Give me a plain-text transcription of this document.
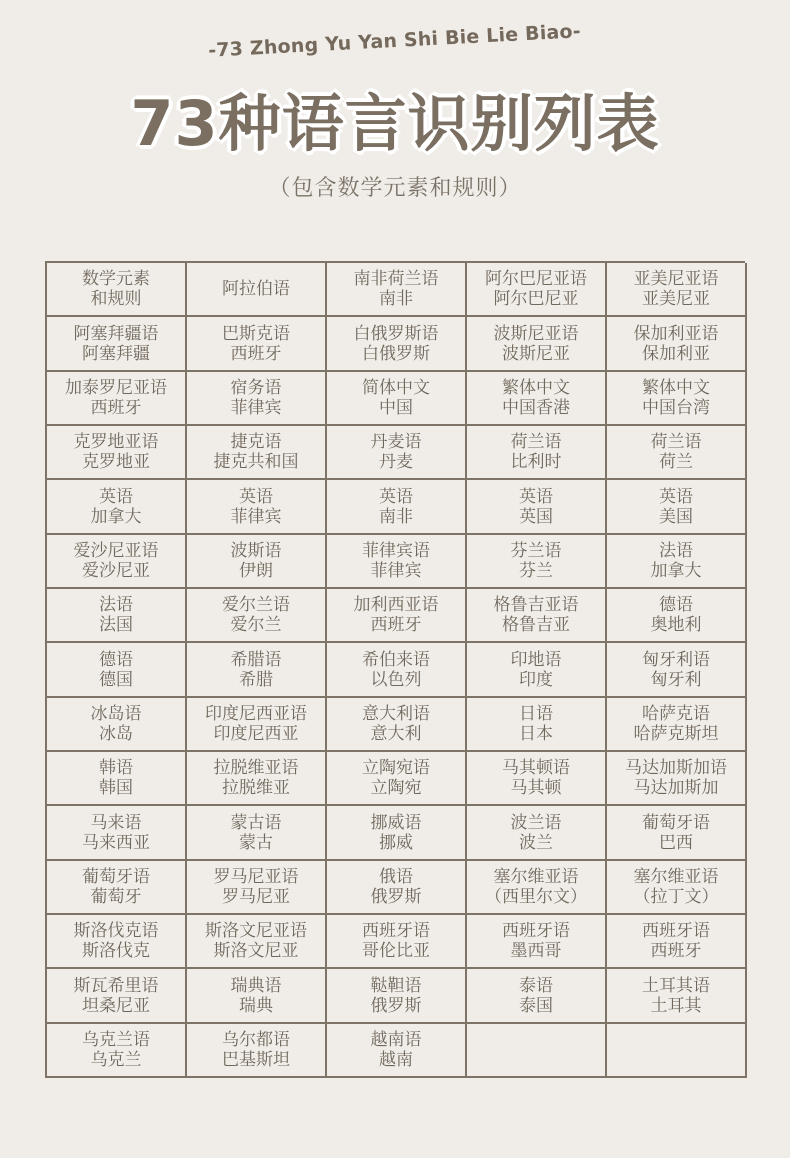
-73 Zhong Yu Yan Shi Bie Lie Biao-
73种语言识别列表
（包含数学元素和规则）
数学元素
和规则	阿拉伯语	南非荷兰语
南非
阿尔巴尼亚语
阿尔巴尼亚
亚美尼亚语
亚美尼亚
阿塞拜疆语
阿塞拜疆
巴斯克语
西班牙
白俄罗斯语
白俄罗斯
波斯尼亚语
波斯尼亚
保加利亚语
保加利亚
加泰罗尼亚语
西班牙
宿务语
菲律宾
简体中文
中国
繁体中文
中国香港
繁体中文
中国台湾
克罗地亚语
克罗地亚
捷克语
捷克共和国
丹麦语
丹麦
荷兰语
比利时
荷兰语
荷兰
英语
加拿大
英语
菲律宾
英语
南非
英语
英国
英语
美国
爱沙尼亚语
爱沙尼亚
波斯语
伊朗
菲律宾语
菲律宾
芬兰语
芬兰
法语
加拿大
法语
法国
爱尔兰语
爱尔兰
加利西亚语
西班牙
格鲁吉亚语
格鲁吉亚
德语
奥地利
德语
德国
希腊语
希腊
希伯来语
以色列
印地语
印度
匈牙利语
匈牙利
冰岛语
冰岛
印度尼西亚语
印度尼西亚
意大利语
意大利
日语
日本
哈萨克语
哈萨克斯坦
韩语
韩国
拉脱维亚语
拉脱维亚
立陶宛语
立陶宛
马其顿语
马其顿
马达加斯加语
马达加斯加
马来语
马来西亚
蒙古语
蒙古
挪威语
挪威
波兰语
波兰
葡萄牙语
巴西
葡萄牙语
葡萄牙
罗马尼亚语
罗马尼亚
俄语
俄罗斯
塞尔维亚语
（西里尔文）
塞尔维亚语
（拉丁文）
斯洛伐克语
斯洛伐克
斯洛文尼亚语
斯洛文尼亚
西班牙语
哥伦比亚
西班牙语
墨西哥
西班牙语
西班牙
斯瓦希里语
坦桑尼亚
瑞典语
瑞典
鞑靼语
俄罗斯
泰语
泰国
土耳其语
土耳其
乌克兰语
乌克兰
乌尔都语
巴基斯坦
越南语
越南
